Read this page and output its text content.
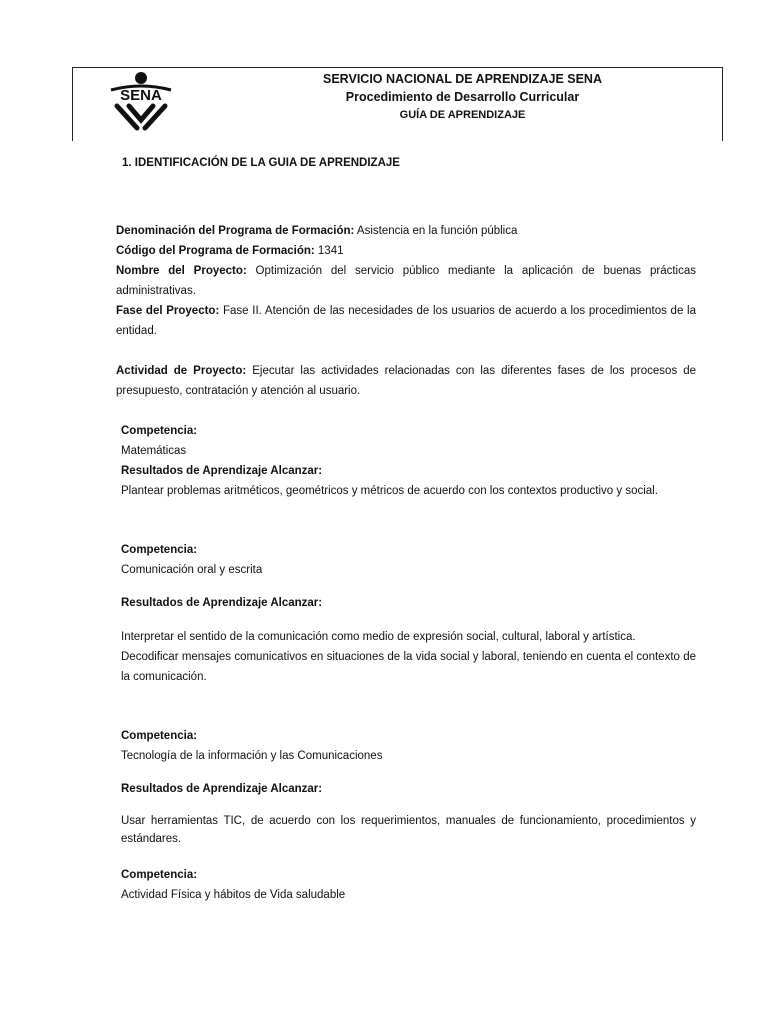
SENA
SERVICIO NACIONAL DE APRENDIZAJE SENA
Procedimiento de Desarrollo Curricular
GUÍA DE APRENDIZAJE
1. IDENTIFICACIÓN DE LA GUIA DE APRENDIZAJE

Denominación del Programa de Formación: Asistencia en la función pública

Código del Programa de Formación: 1341

Nombre del Proyecto: Optimización del servicio público mediante la aplicación de buenas prácticas administrativas.

Fase del Proyecto: Fase II. Atención de las necesidades de los usuarios de acuerdo a los procedimientos de la entidad.

Actividad de Proyecto: Ejecutar las actividades relacionadas con las diferentes fases de los procesos de presupuesto, contratación y atención al usuario.

Competencia:

Matemáticas

Resultados de Aprendizaje Alcanzar:

Plantear problemas aritméticos, geométricos y métricos de acuerdo con los contextos productivo y social.

Competencia:

Comunicación oral y escrita

Resultados de Aprendizaje Alcanzar:

Interpretar el sentido de la comunicación como medio de expresión social, cultural, laboral y artística.

Decodificar mensajes comunicativos en situaciones de la vida social y laboral, teniendo en cuenta el contexto de la comunicación.

Competencia:

Tecnología de la información y las Comunicaciones

Resultados de Aprendizaje Alcanzar:

Usar herramientas TIC, de acuerdo con los requerimientos, manuales de funcionamiento, procedimientos y estándares.

Competencia:

Actividad Física y hábitos de Vida saludable
